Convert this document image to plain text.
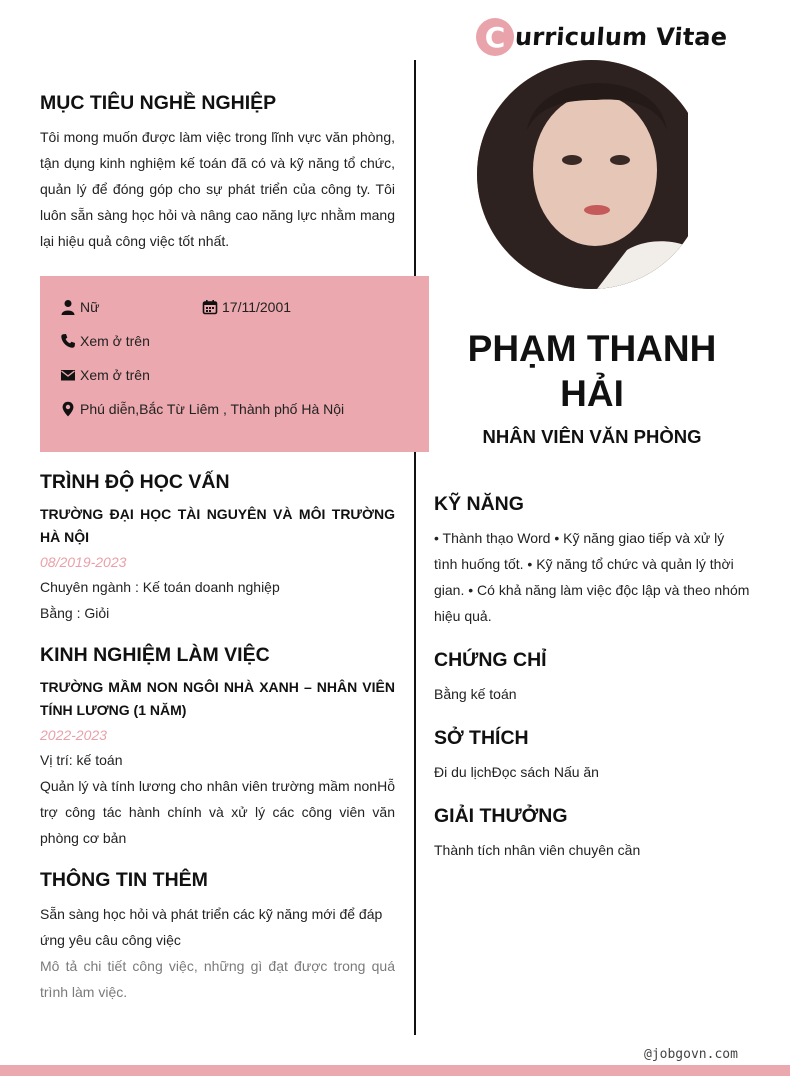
C urriculum Vitae
MỤC TIÊU NGHỀ NGHIỆP

Tôi mong muốn được làm việc trong lĩnh vực văn phòng, tận dụng kinh nghiệm kế toán đã có và kỹ năng tổ chức, quản lý để đóng góp cho sự phát triển của công ty. Tôi luôn sẵn sàng học hỏi và nâng cao năng lực nhằm mang lại hiệu quả công việc tốt nhất.

Nữ	17/11/2001
Xem ở trên
Xem ở trên
Phú diễn,Bắc Từ Liêm , Thành phố Hà Nội
TRÌNH ĐỘ HỌC VẤN

TRƯỜNG ĐẠI HỌC TÀI NGUYÊN VÀ MÔI TRƯỜNG HÀ NỘI

08/2019-2023

Chuyên ngành : Kế toán doanh nghiệp

Bằng : Giỏi

KINH NGHIỆM LÀM VIỆC

TRƯỜNG MẦM NON NGÔI NHÀ XANH – NHÂN VIÊN TÍNH LƯƠNG (1 NĂM)

2022-2023

Vị trí: kế toán

Quản lý và tính lương cho nhân viên trường mầm nonHỗ trợ công tác hành chính và xử lý các công viên văn phòng cơ bản

THÔNG TIN THÊM

Sẵn sàng học hỏi và phát triển các kỹ năng mới để đáp ứng yêu câu công việc

Mô tả chi tiết công việc, những gì đạt được trong quá trình làm việc.

PHẠM THANH HẢI
NHÂN VIÊN VĂN PHÒNG
KỸ NĂNG

• Thành thạo Word • Kỹ năng giao tiếp và xử lý tình huống tốt. • Kỹ năng tổ chức và quản lý thời gian. • Có khả năng làm việc độc lập và theo nhóm hiệu quả.

CHỨNG CHỈ

Bằng kế toán

SỞ THÍCH

Đi du lịchĐọc sách Nấu ăn

GIẢI THƯỞNG

Thành tích nhân viên chuyên cần

@jobgovn.com
